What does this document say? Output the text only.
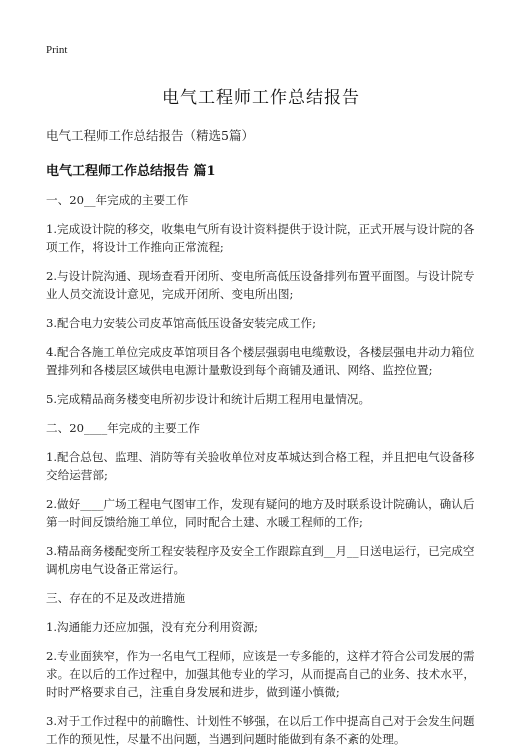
Print
电气工程师工作总结报告
电气工程师工作总结报告（精选5篇）
电气工程师工作总结报告 篇1

一、20__年完成的主要工作

1.完成设计院的移交，收集电气所有设计资料提供于设计院，正式开展与设计院的各项工作，将设计工作推向正常流程;

2.与设计院沟通、现场查看开闭所、变电所高低压设备排列布置平面图。与设计院专业人员交流设计意见，完成开闭所、变电所出图;

3.配合电力安装公司皮革馆高低压设备安装完成工作;

4.配合各施工单位完成皮革馆项目各个楼层强弱电电缆敷设，各楼层强电井动力箱位置排列和各楼层区域供电电源计量敷设到每个商铺及通讯、网络、监控位置;

5.完成精品商务楼变电所初步设计和统计后期工程用电量情况。

二、20____年完成的主要工作

1.配合总包、监理、消防等有关验收单位对皮革城达到合格工程，并且把电气设备移交给运营部;

2.做好____广场工程电气图审工作，发现有疑问的地方及时联系设计院确认，确认后第一时间反馈给施工单位，同时配合土建、水暖工程师的工作;

3.精品商务楼配变所工程安装程序及安全工作跟踪直到__月__日送电运行，已完成空调机房电气设备正常运行。

三、存在的不足及改进措施

1.沟通能力还应加强，没有充分利用资源;

2.专业面狭窄，作为一名电气工程师，应该是一专多能的，这样才符合公司发展的需求。在以后的工作过程中，加强其他专业的学习，从而提高自己的业务、技术水平，时时严格要求自己，注重自身发展和进步，做到谨小慎微;

3.对于工作过程中的前瞻性、计划性不够强，在以后工作中提高自己对于会发生问题工作的预见性，尽量不出问题，当遇到问题时能做到有条不紊的处理。
